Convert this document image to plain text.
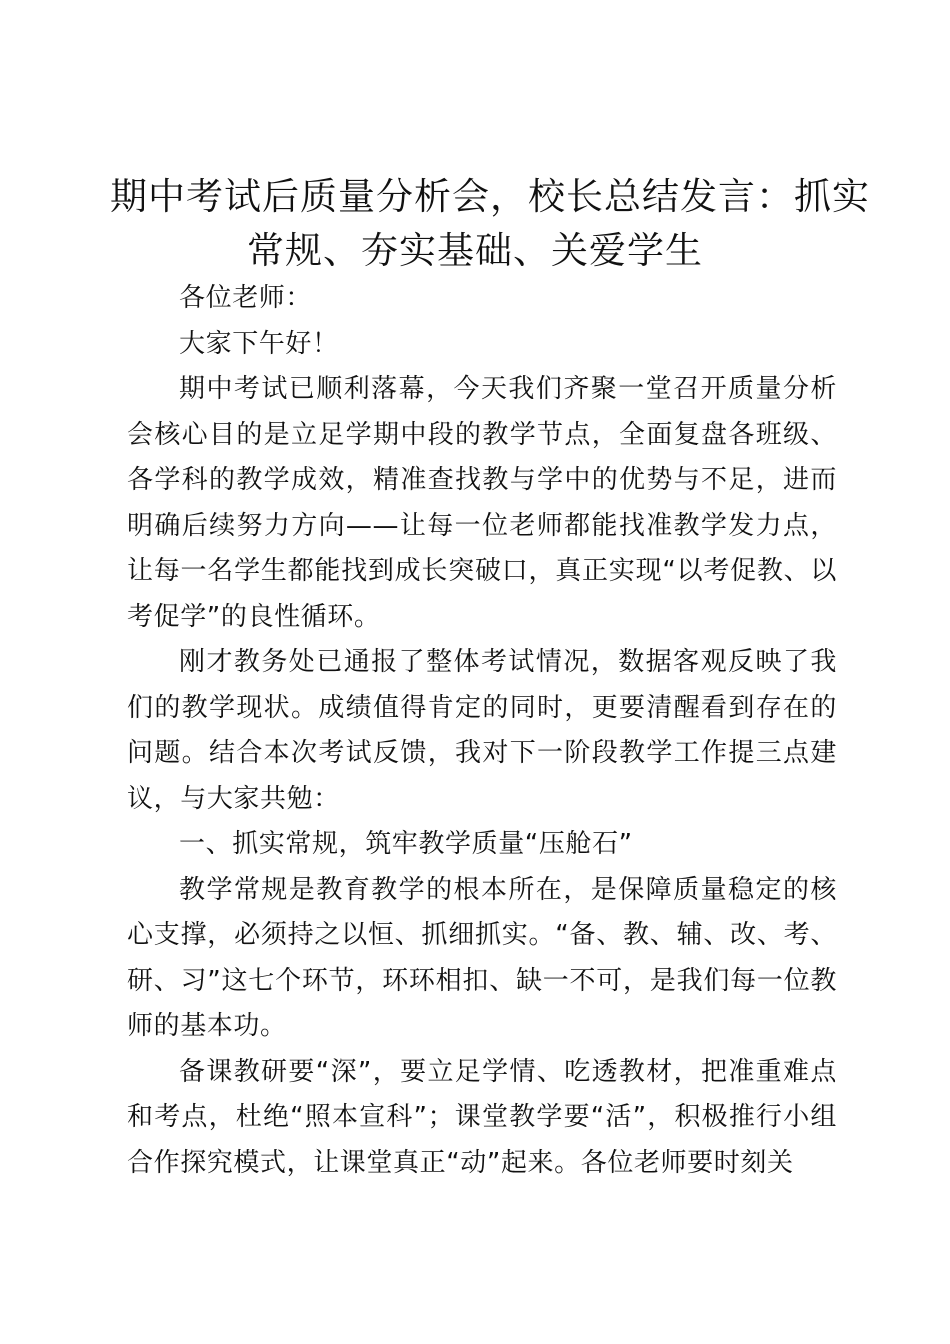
期中考试后质量分析会，校长总结发言：抓实
常规、夯实基础、关爱学生

各位老师：

大家下午好！

期中考试已顺利落幕，今天我们齐聚一堂召开质量分析会核心目的是立足学期中段的教学节点，全面复盘各班级、各学科的教学成效，精准查找教与学中的优势与不足，进而明确后续努力方向——让每一位老师都能找准教学发力点，让每一名学生都能找到成长突破口，真正实现“以考促教、以考促学”的良性循环。

刚才教务处已通报了整体考试情况，数据客观反映了我们的教学现状。成绩值得肯定的同时，更要清醒看到存在的问题。结合本次考试反馈，我对下一阶段教学工作提三点建议，与大家共勉：

一、抓实常规，筑牢教学质量“压舱石”

教学常规是教育教学的根本所在，是保障质量稳定的核心支撑，必须持之以恒、抓细抓实。“备、教、辅、改、考、研、习”这七个环节，环环相扣、缺一不可，是我们每一位教师的基本功。

备课教研要“深”，要立足学情、吃透教材，把准重难点和考点，杜绝“照本宣科”；课堂教学要“活”，积极推行小组合作探究模式，让课堂真正“动”起来。各位老师要时刻关
